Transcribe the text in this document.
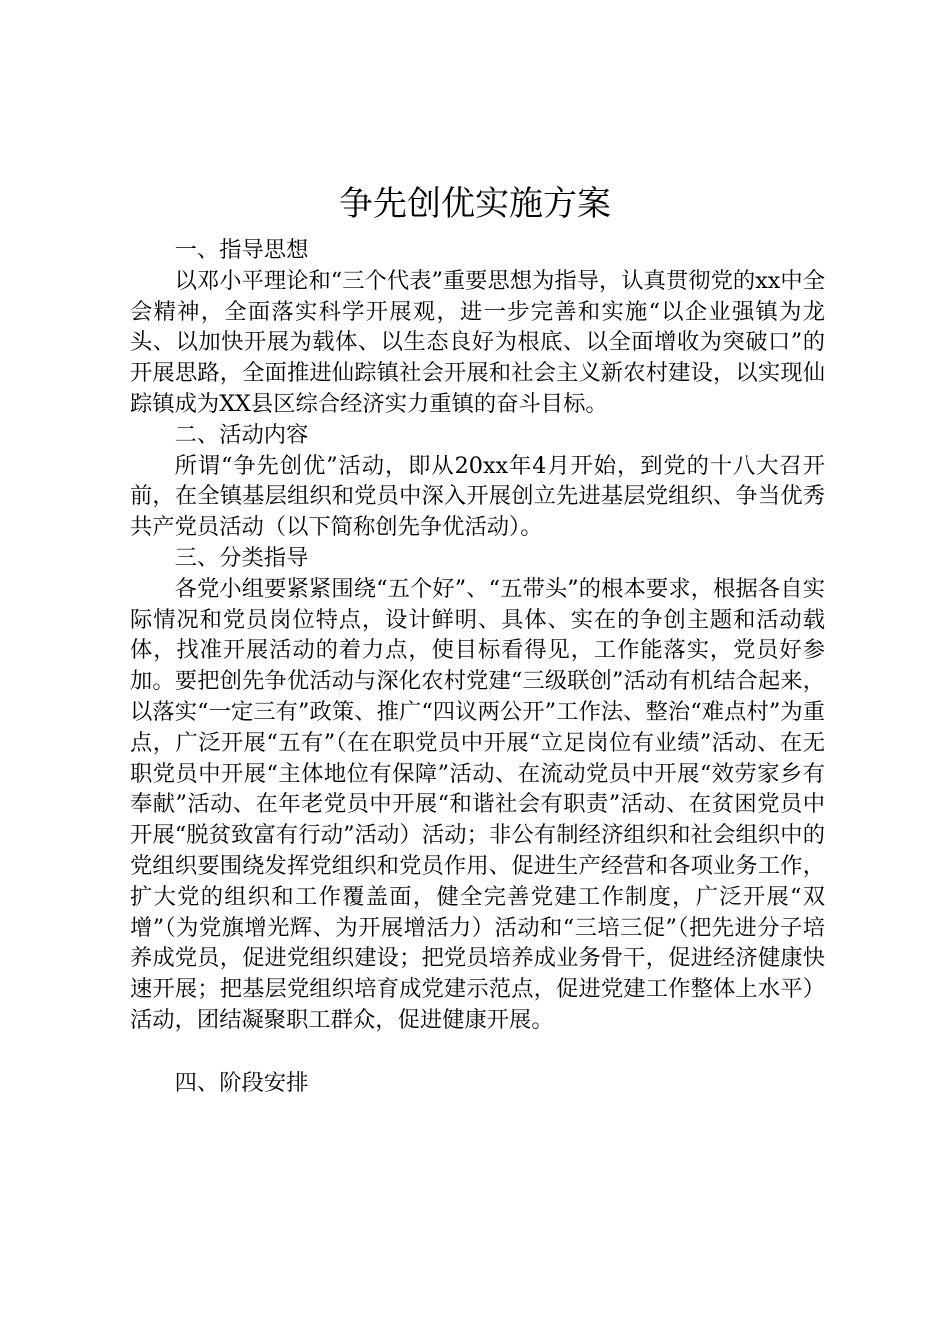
争先创优实施方案
一、指导思想

以邓小平理论和“三个代表”重要思想为指导，认真贯彻党的xx中全会精神，全面落实科学开展观，进一步完善和实施“以企业强镇为龙头、以加快开展为载体、以生态良好为根底、以全面增收为突破口”的开展思路，全面推进仙踪镇社会开展和社会主义新农村建设，以实现仙踪镇成为XX县区综合经济实力重镇的奋斗目标。

二、活动内容

所谓“争先创优”活动，即从20xx年4月开始，到党的十八大召开前，在全镇基层组织和党员中深入开展创立先进基层党组织、争当优秀共产党员活动（以下简称创先争优活动）。

三、分类指导

各党小组要紧紧围绕“五个好”、“五带头”的根本要求，根据各自实际情况和党员岗位特点，设计鲜明、具体、实在的争创主题和活动载体，找准开展活动的着力点，使目标看得见，工作能落实，党员好参加。要把创先争优活动与深化农村党建“三级联创”活动有机结合起来，以落实“一定三有”政策、推广“四议两公开”工作法、整治“难点村”为重点，广泛开展“五有”（在在职党员中开展“立足岗位有业绩”活动、在无职党员中开展“主体地位有保障”活动、在流动党员中开展“效劳家乡有奉献”活动、在年老党员中开展“和谐社会有职责”活动、在贫困党员中开展“脱贫致富有行动”活动）活动；非公有制经济组织和社会组织中的党组织要围绕发挥党组织和党员作用、促进生产经营和各项业务工作，扩大党的组织和工作覆盖面，健全完善党建工作制度，广泛开展“双增”（为党旗增光辉、为开展增活力）活动和“三培三促”（把先进分子培养成党员，促进党组织建设；把党员培养成业务骨干，促进经济健康快速开展；把基层党组织培育成党建示范点，促进党建工作整体上水平）活动，团结凝聚职工群众，促进健康开展。

四、阶段安排
